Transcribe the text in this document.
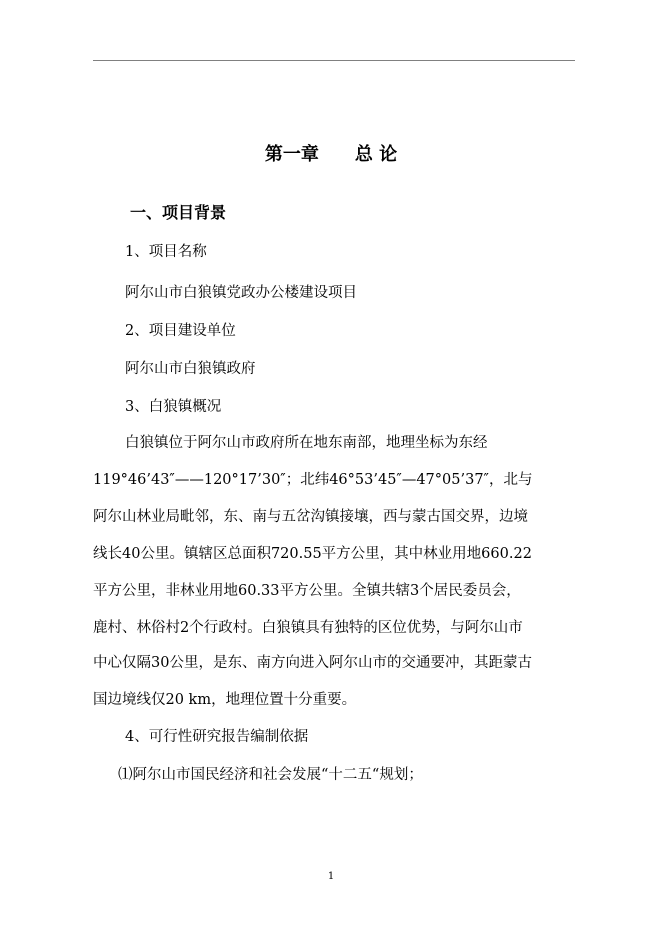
第一章　　总 论
一、项目背景
1、项目名称
阿尔山市白狼镇党政办公楼建设项目
2、项目建设单位
阿尔山市白狼镇政府
3、白狼镇概况
白狼镇位于阿尔山市政府所在地东南部，地理坐标为东经
119°46’43″——120°17’30″；北纬46°53’45″—47°05’37″，北与
阿尔山林业局毗邻，东、南与五岔沟镇接壤，西与蒙古国交界，边境
线长40公里。镇辖区总面积720.55平方公里，其中林业用地660.22
平方公里，非林业用地60.33平方公里。全镇共辖3个居民委员会，
鹿村、林俗村2个行政村。白狼镇具有独特的区位优势，与阿尔山市
中心仅隔30公里，是东、南方向进入阿尔山市的交通要冲，其距蒙古
国边境线仅20 km，地理位置十分重要。
4、可行性研究报告编制依据
⑴阿尔山市国民经济和社会发展“十二五“规划；
1
